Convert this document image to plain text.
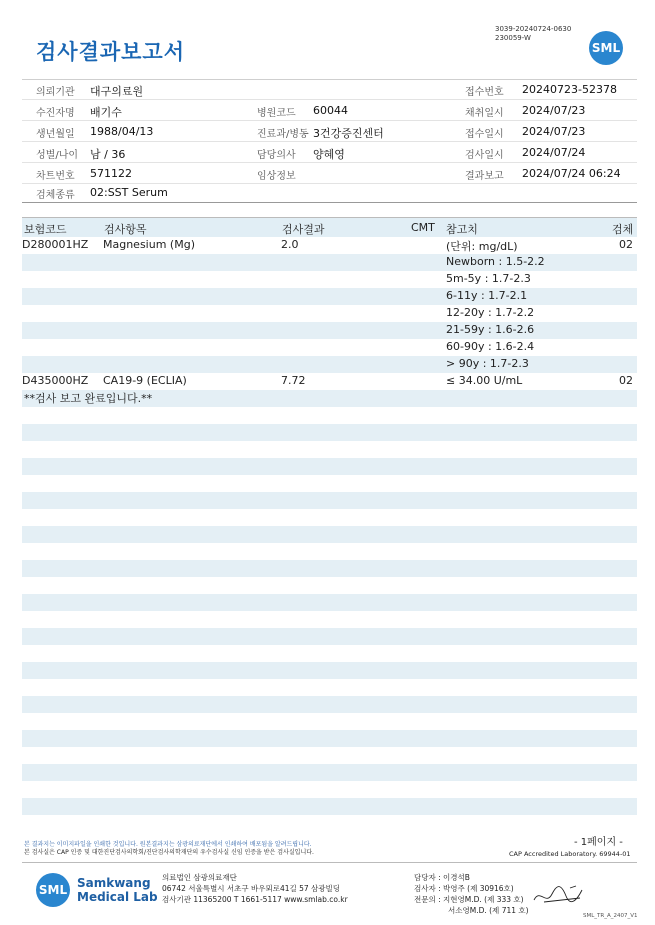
검사결과보고서
3039-20240724-0630
230059-W
SML
의뢰기관 대구의료원	접수번호 20240723-52378
수진자명 배기수	병원코드 60044	채취일시 2024/07/23
생년월일 1988/04/13	진료과/병동 3건강증진센터	접수일시 2024/07/23
성별/나이 남 / 36	담당의사 양혜영	검사일시 2024/07/24
차트번호 571122	임상정보	결과보고 2024/07/24 06:24
검체종류 02:SST Serum
보험코드	검사항목	검사결과	CMT 참고치	검체
D280001HZ Magnesium (Mg)	2.0	(단위: mg/dL)	02
Newborn : 1.5-2.2
5m-5y : 1.7-2.3
6-11y : 1.7-2.1
12-20y : 1.7-2.2
21-59y : 1.6-2.6
60-90y : 1.6-2.4
> 90y : 1.7-2.3
D435000HZ CA19-9 (ECLIA)	7.72	≤ 34.00 U/mL	02
**검사 보고 완료입니다.**
본 결과지는 이미지파일을 인쇄한 것입니다. 원본결과지는 삼광의료재단에서 인쇄하여 배포됨을 알려드립니다.
본 검사실은 CAP 인증 및 대한진단검사의학회/진단검사의학재단의 우수검사실 신임 인증을 받은 검사실입니다.
- 1페이지 -
CAP Accredited Laboratory. 69944-01
SML Samkwang
Medical Lab
의료법인 삼광의료재단
06742 서울특별시 서초구 바우뫼로41길 57 삼광빌딩
검사기관 11365200 T 1661-5117 www.smlab.co.kr
담당자 : 이경석B
검사자 : 박영주 (제 30916호)
전문의 : 지현영M.D. (제 333 호)
서소영M.D. (제 711 호)
SML_TR_A_2407_V1
